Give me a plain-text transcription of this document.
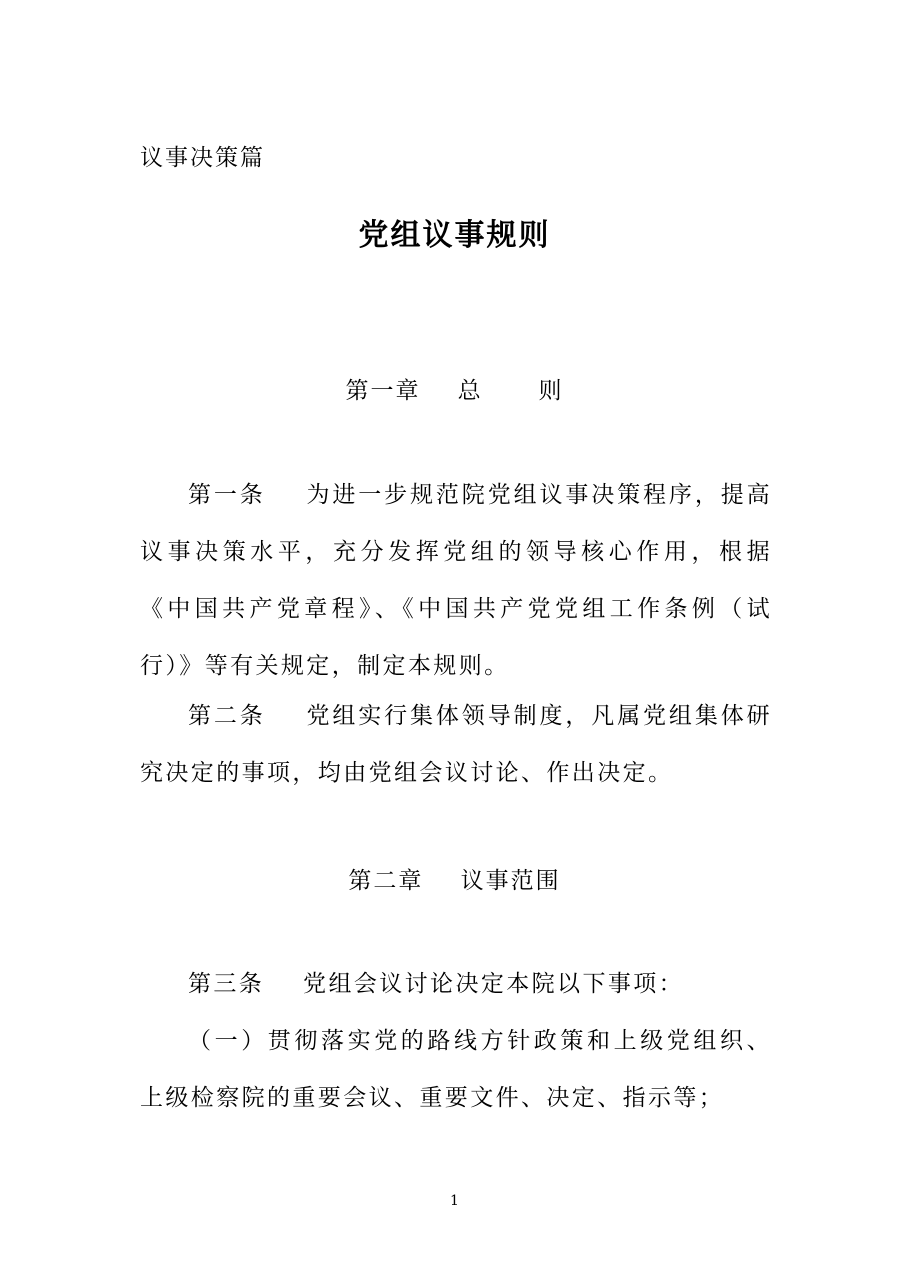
议事决策篇
党组议事规则
第一章    总      则

第一条    为进一步规范院党组议事决策程序，提高议事决策水平，充分发挥党组的领导核心作用，根据《中国共产党章程》、《中国共产党党组工作条例（试行）》等有关规定，制定本规则。

第二条    党组实行集体领导制度，凡属党组集体研究决定的事项，均由党组会议讨论、作出决定。

第二章    议事范围

第三条    党组会议讨论决定本院以下事项：

（一）贯彻落实党的路线方针政策和上级党组织、上级检察院的重要会议、重要文件、决定、指示等；

1
